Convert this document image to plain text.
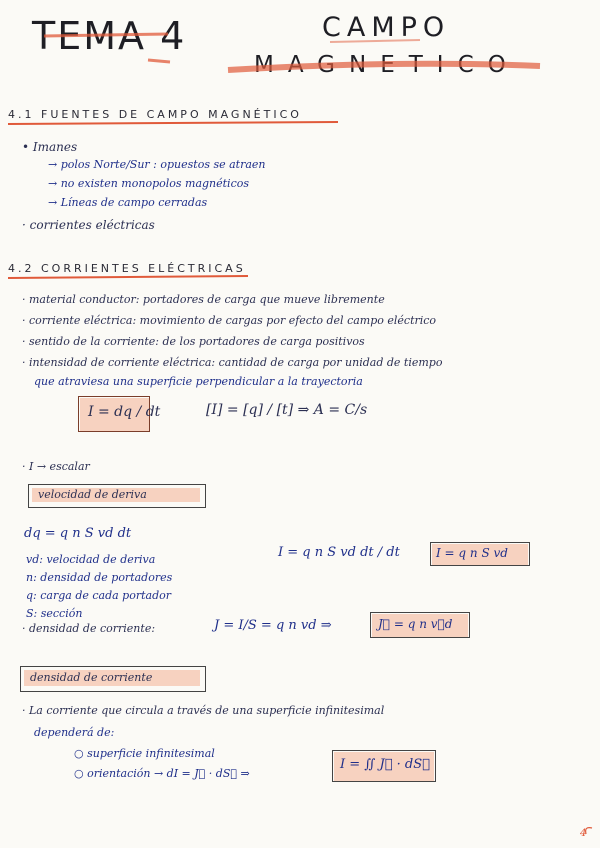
TEMA 4	CAMPO
MAGNETICO
4.1 FUENTES DE CAMPO MAGNÉTICO
• Imanes
→ polos Norte/Sur : opuestos se atraen
→ no existen monopolos magnéticos
→ Líneas de campo cerradas
· corrientes eléctricas
4.2 CORRIENTES ELÉCTRICAS
· material conductor: portadores de carga que mueve libremente
· corriente eléctrica: movimiento de cargas por efecto del campo eléctrico
· sentido de la corriente: de los portadores de carga positivos
· intensidad de corriente eléctrica: cantidad de carga por unidad de tiempo
que atraviesa una superficie perpendicular a la trayectoria
I = dq / dt	[I] = [q] / [t] ⇒ A = C/s
· I → escalar
velocidad de deriva
dq = q n S vd dt
vd: velocidad de deriva
n: densidad de portadores
q: carga de cada portador
S: sección
I = q n S vd dt / dt	I = q n S vd
· densidad de corriente:	J = I/S = q n vd ⇒	J⃗ = q n v⃗d
densidad de corriente
· La corriente que circula a través de una superficie infinitesimal
dependerá de:
○ superficie infinitesimal
○ orientación → dI = J⃗ · dS⃗ ⇒
I = ∬ J⃗ · dS⃗
4
